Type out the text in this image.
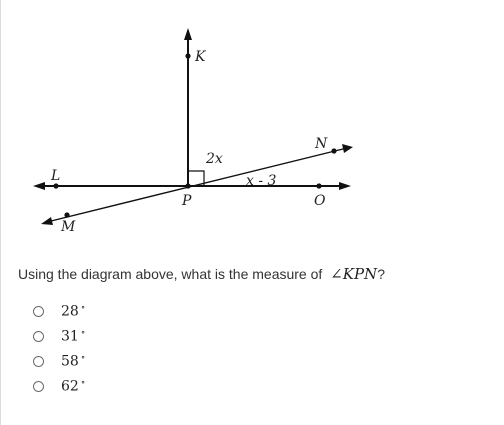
K
N
L
P	O
M
2x
x - 3
Using the diagram above, what is the measure of ∠KPN?
28 ∘
31 ∘
58 ∘
62 ∘
